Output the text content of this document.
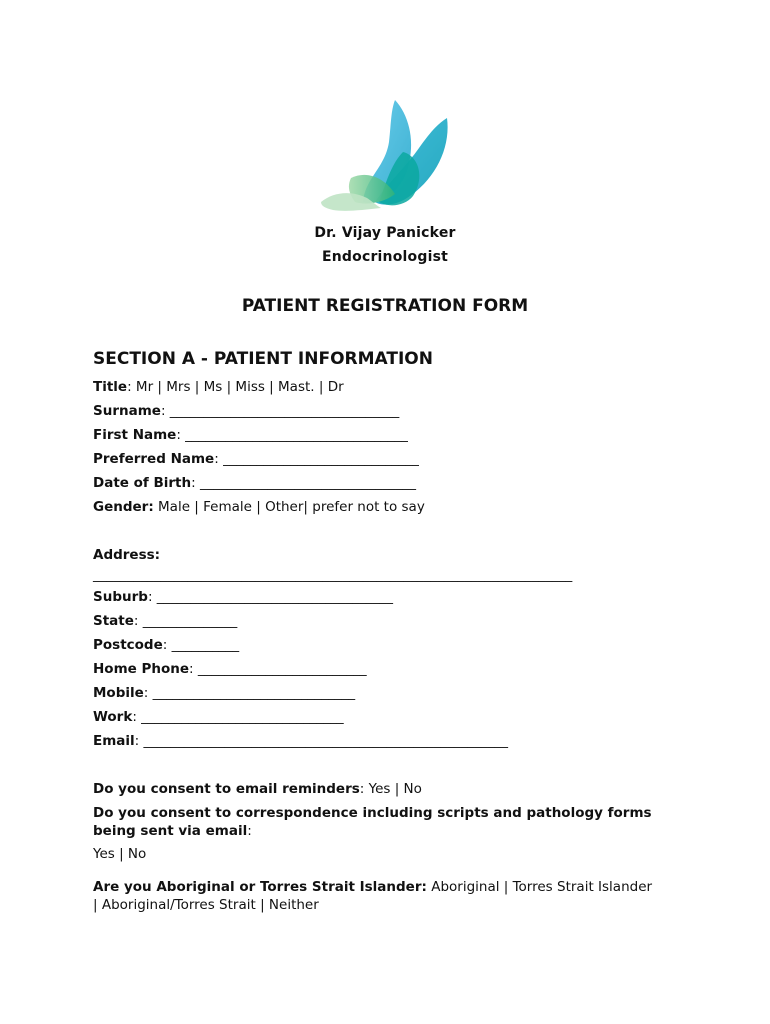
Dr. Vijay Panicker
Endocrinologist
PATIENT REGISTRATION FORM
SECTION A - PATIENT INFORMATION
Title: Mr | Mrs | Ms | Miss | Mast. | Dr
Surname: __________________________________
First Name: _________________________________
Preferred Name: _____________________________
Date of Birth: ________________________________
Gender: Male | Female | Other| prefer not to say
Address:
_______________________________________________________________________
Suburb: ___________________________________
State: ______________
Postcode: __________
Home Phone: _________________________
Mobile: ______________________________
Work: ______________________________
Email: ______________________________________________________
Do you consent to email reminders: Yes | No
Do you consent to correspondence including scripts and pathology forms being sent via email:
Yes | No
Are you Aboriginal or Torres Strait Islander: Aboriginal | Torres Strait Islander | Aboriginal/Torres Strait | Neither
